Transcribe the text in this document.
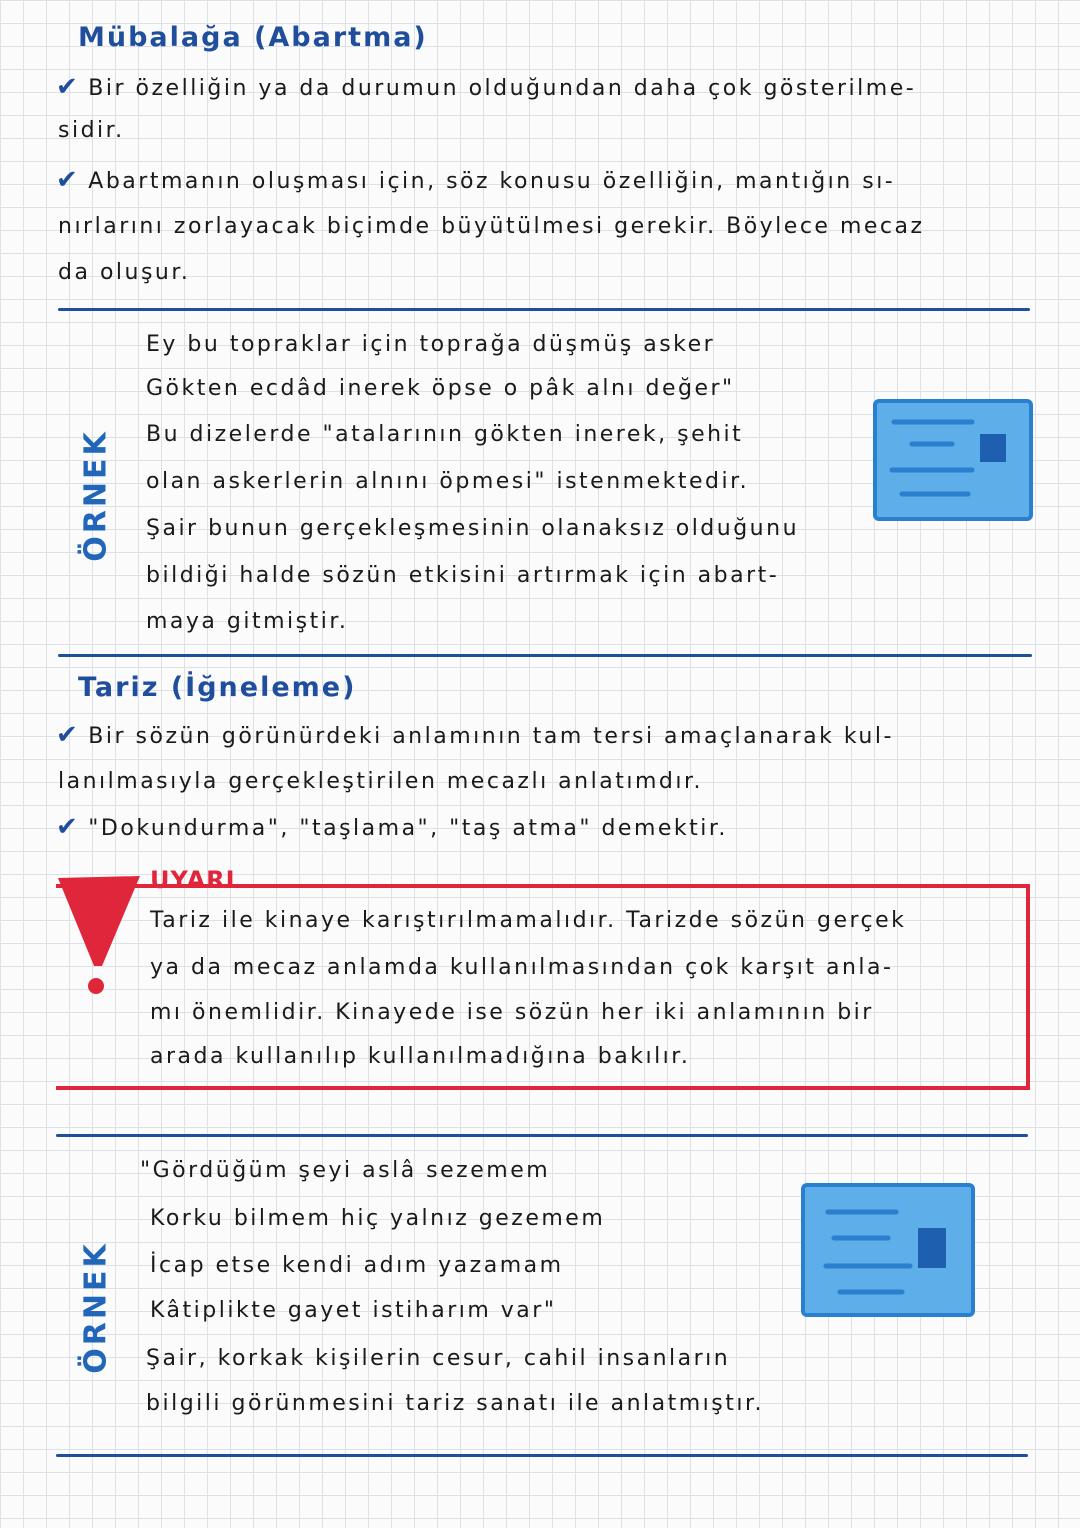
Mübalağa (Abartma)
✔ Bir özelliğin ya da durumun olduğundan daha çok gösterilme-
sidir.
✔ Abartmanın oluşması için, söz konusu özelliğin, mantığın sı-
nırlarını zorlayacak biçimde büyütülmesi gerekir. Böylece mecaz
da oluşur.
ÖRNEK
Ey bu topraklar için toprağa düşmüş asker
Gökten ecdâd inerek öpse o pâk alnı değer"
Bu dizelerde "atalarının gökten inerek, şehit
olan askerlerin alnını öpmesi" istenmektedir.
Şair bunun gerçekleşmesinin olanaksız olduğunu
bildiği halde sözün etkisini artırmak için abart-
maya gitmiştir.
Tariz (İğneleme)
✔ Bir sözün görünürdeki anlamının tam tersi amaçlanarak kul-
lanılmasıyla gerçekleştirilen mecazlı anlatımdır.
✔ "Dokundurma", "taşlama", "taş atma" demektir.
UYARI
Tariz ile kinaye karıştırılmamalıdır. Tarizde sözün gerçek
ya da mecaz anlamda kullanılmasından çok karşıt anla-
mı önemlidir. Kinayede ise sözün her iki anlamının bir
arada kullanılıp kullanılmadığına bakılır.
ÖRNEK
"Gördüğüm şeyi aslâ sezemem
Korku bilmem hiç yalnız gezemem
İcap etse kendi adım yazamam
Kâtiplikte gayet istiharım var"
Şair, korkak kişilerin cesur, cahil insanların
bilgili görünmesini tariz sanatı ile anlatmıştır.
